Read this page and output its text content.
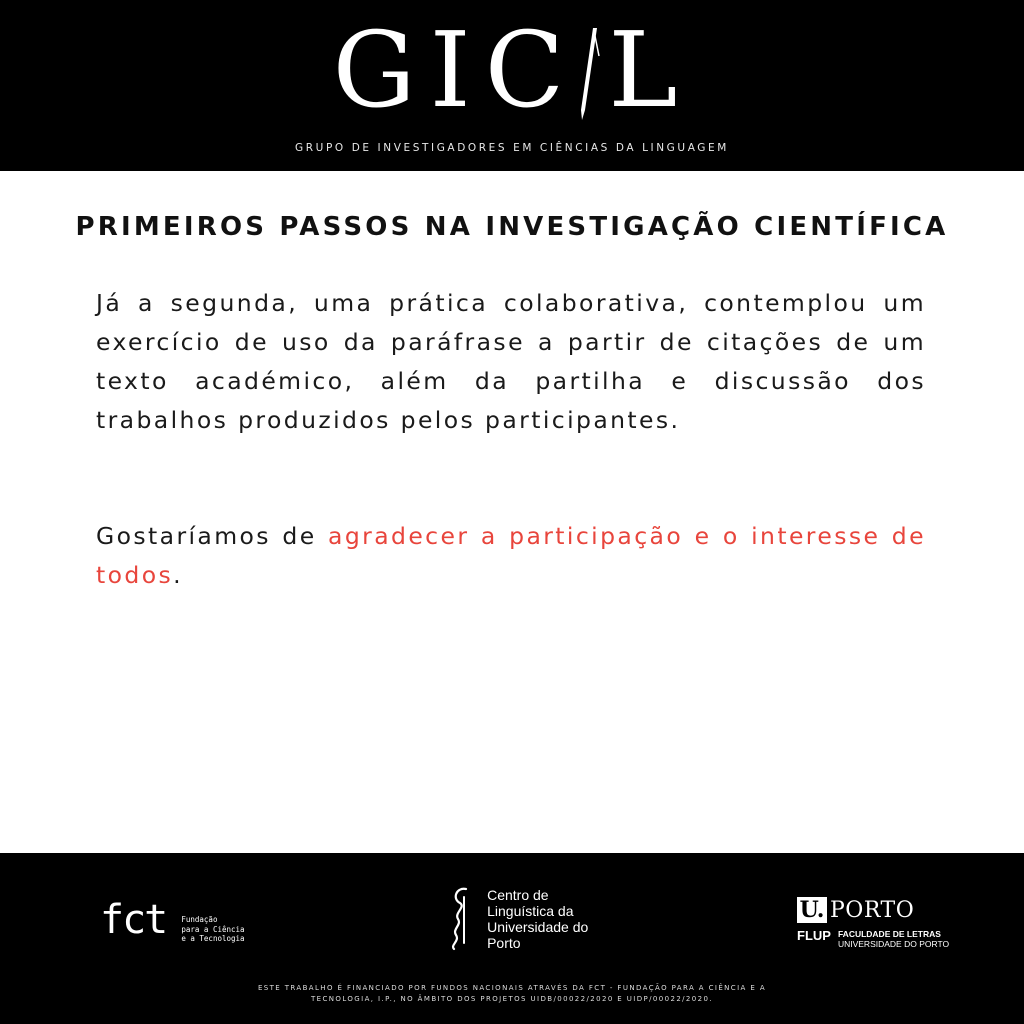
GIC L
GRUPO DE INVESTIGADORES EM CIÊNCIAS DA LINGUAGEM
PRIMEIROS PASSOS NA INVESTIGAÇÃO CIENTÍFICA
Já a segunda, uma prática colaborativa, contemplou um exercício de uso da paráfrase a partir de citações de um texto académico, além da partilha e discussão dos trabalhos produzidos pelos participantes.
Gostaríamos de agradecer a participação e o interesse de todos.
fct Fundação
para a Ciência
e a Tecnologia

Centro de
Linguística da
Universidade do
Porto
U. PORTO
FLUP FACULDADE DE LETRAS
UNIVERSIDADE DO PORTO
ESTE TRABALHO É FINANCIADO POR FUNDOS NACIONAIS ATRAVÉS DA FCT - FUNDAÇÃO PARA A CIÊNCIA E A
TECNOLOGIA, I.P., NO ÂMBITO DOS PROJETOS UIDB/00022/2020 E UIDP/00022/2020.
